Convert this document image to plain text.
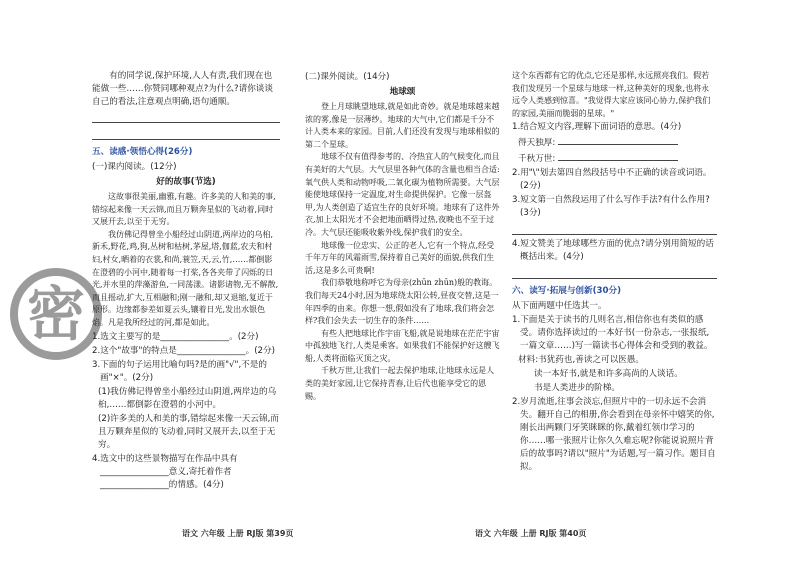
密

有的同学说,保护环境,人人有责,我们现在也能做一些……你赞同哪种观点?为什么?请你谈谈自己的看法,注意观点明确,语句通顺。

五、读感·领悟心得(26分)
(一)课内阅读。(12分)
好的故事(节选)

这故事很美丽,幽雅,有趣。许多美的人和美的事,错综起来像一天云锦,而且万颗奔星似的飞动着,同时又展开去,以至于无穷。

我仿佛记得曾坐小船经过山阴道,两岸边的乌桕,新禾,野花,鸡,狗,丛树和枯树,茅屋,塔,伽蓝,农夫和村妇,村女,晒着的衣裳,和尚,蓑笠,天,云,竹,……都倒影在澄碧的小河中,随着每一打桨,各各夹带了闪烁的日光,并水里的萍藻游鱼,一同荡漾。诸影诸物,无不解散,而且摇动,扩大,互相融和;刚一融和,却又退缩,复近于原形。边缘都参差如夏云头,镶着日光,发出水银色焰。凡是我所经过的河,都是如此。

1.选文主要写的是________________。(2分)
2.这个"故事"的特点是________________。(2分)
3.下面的句子运用比喻句吗?是的画"√",不是的画"×"。(2分)
(1)我仿佛记得曾坐小船经过山阴道,两岸边的乌桕,……都倒影在澄碧的小河中。
(2)许多美的人和美的事,错综起来像一天云锦,而且万颗奔星似的飞动着,同时又展开去,以至于无穷。
4.选文中的这些景物描写在作品中具有________________意义,寄托着作者________________的情感。(4分)
(二)课外阅读。(14分)
地球颂

登上月球眺望地球,就是如此奇妙。就是地球越来越浓的雾,像是一层薄纱。地球的大气中,它们都是千分不计人类本来的家园。目前,人们还没有发现与地球相似的第二个星球。

地球不仅有值得参考的、冷热宜人的气候变化,而且有美好的大气层。大气层里各种气体的含量也相当合适:氧气供人类和动物呼吸,二氧化碳为植物所需要。大气层能使地球保持一定温度,对生命提供保护。它像一层盔甲,为人类创造了适宜生存的良好环境。地球有了这件外衣,加上太阳光才不会把地面晒得过热,夜晚也不至于过冷。大气层还能吸收紫外线,保护我们的安全。

地球像一位忠实、公正的老人,它有一个特点,经受千年万年的风霜雨雪,保持着自己美好的面貌,供我们生活,这是多么可贵啊!

我们恭敬地称呼它为母亲(zhūn zhūn)般的教诲。我们每天24小时,因为地球绕太阳公转,昼夜交替,这是一年四季的由来。你想一想,假如没有了地球,我们将会怎样?我们会失去一切生存的条件……

有些人把地球比作宇宙飞船,就是说地球在茫茫宇宙中孤独地飞行,人类是乘客。如果我们不能保护好这艘飞船,人类将面临灭顶之灾。

千秋万世,让我们一起去保护地球,让地球永远是人类的美好家园,让它保持青春,让后代也能享受它的恩赐。

这个东西都有它的优点,它还是那样,永远照亮我们。假若我们发现另一个星球与地球一样,这种美好的现象,也将永远令人类感到惊喜。"我觉得大家应该同心协力,保护我们的家园,美丽而脆弱的星球。"

1.结合短文内容,理解下面词语的意思。(4分)
得天独厚:
千秋万世:
2.用"\"划去第四自然段括号中不正确的读音或词语。(2分)
3.短文第一自然段运用了什么写作手法?有什么作用?(3分)
4.短文赞美了地球哪些方面的优点?请分别用简短的话概括出来。(4分)
六、读写·拓展与创新(30分)
从下面两题中任选其一。
1.下面是关于读书的几则名言,相信你也有类似的感受。请你选择读过的一本好书(一份杂志,一张报纸,一篇文章……)写一篇读书心得体会和受到的教益。
材料:书犹药也,善读之可以医愚。
读一本好书,就是和许多高尚的人谈话。
书是人类进步的阶梯。
2.岁月流逝,往事会淡忘,但照片中的一切永远不会消失。翻开自己的相册,你会看到在母亲怀中嬉笑的你,刚长出两颗门牙笑眯眯的你,戴着红领巾学习的你……哪一张照片让你久久难忘呢?你能说说照片背后的故事吗?请以"照片"为话题,写一篇习作。题目自拟。
语文 六年级 上册 RJ版 第39页	语文 六年级 上册 RJ版 第40页
